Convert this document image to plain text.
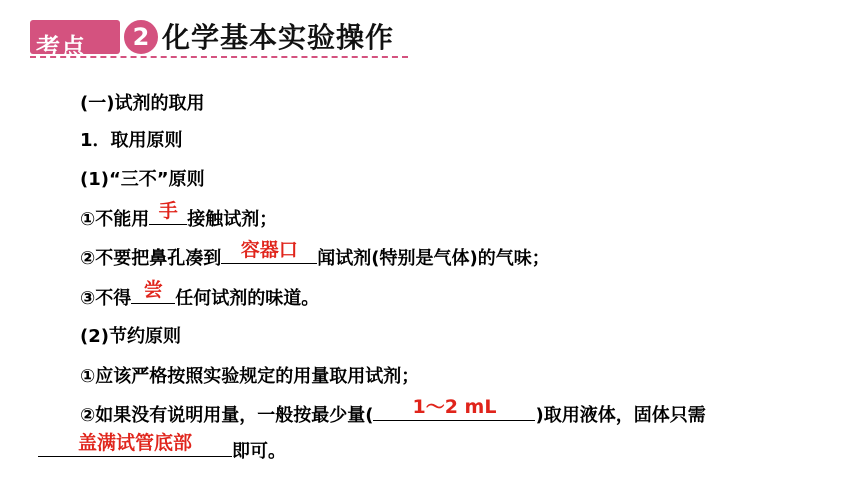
考点	2 化学基本实验操作
(一)试剂的取用
1．取用原则
(1)“三不”原则
①不能用 手 接触试剂；
②不要把鼻孔凑到	容器口	闻试剂(特别是气体)的气味；
③不得 尝 任何试剂的味道。
(2)节约原则
①应该严格按照实验规定的用量取用试剂；
②如果没有说明用量，一般按最少量(	1～2 mL	)取用液体，固体只需
盖满试管底部	即可。
